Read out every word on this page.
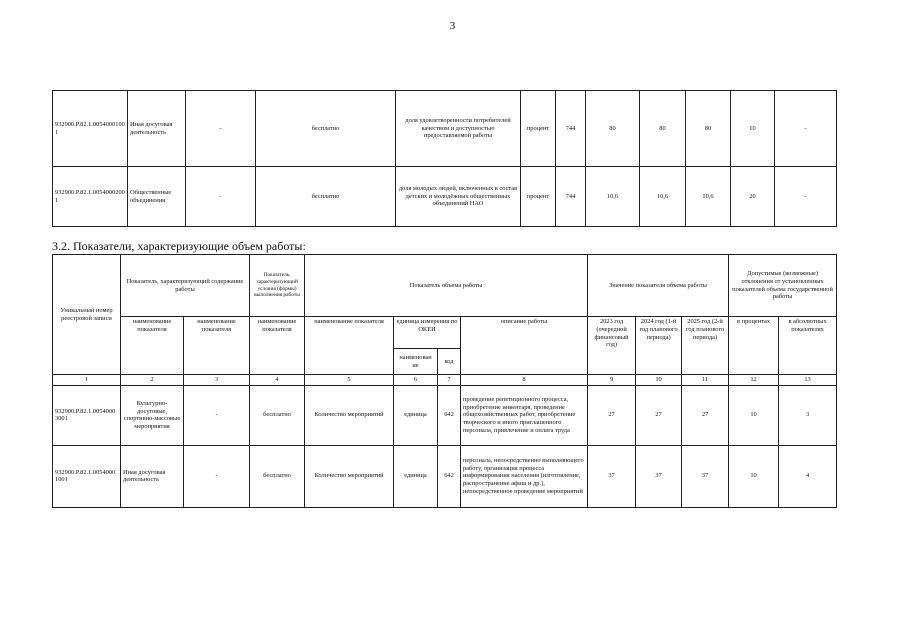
3
932900.Р.82.1.00540001001	Иная досуговая деятельность	-	бесплатно	доля удовлетворенности потребителей качеством и доступностью предоставляемой работы	процент	744	80	80	80	10	-
932900.Р.82.1.00540002001	Общественные объединения	-	бесплатно	доля молодых людей, включенных в состав детских и молодёжных общественных объединений НАО	процент	744	10,6	10,6	10,6	20	-
3.2. Показатели, характеризующие объем работы:
Уникальный номер реестровой записи	Показатель, характеризующий содержание работы		Показатель, характеризующий условия (формы) выполнения работы	Показатель объема работы				Значение показателя объема работы			Допустимые (возможные) отклонения от установленных показателей объема государственной работы	
	наименование показателя	наименование показателя	наименование показателя	наименование показателя	единица измерения по ОКЕИ		описание работы	2023 год (очередной финансовый год)	2024 год (1-й год планового периода)	2025 год (2-й год планового периода)	в процентах	в абсолютных показателях
					наименован ие	код						
1	2	3	4	5	6	7	8	9	10	11	12	13
932900.Р.82.1.00540003001	Культурно-досуговые, спортивно-массовые мероприятия	-	бесплатно	Количество мероприятий	единица	642	проведение репетиционного процесса, приобретение инвентаря, проведение общехозяйственных работ, приобретение творческого и иного приглашенного персонала, привлечение и оплата труда	27	27	27	10	3
932900.Р.82.1.00540001001	Иная досуговая деятельность	-	бесплатно	Количество мероприятий	единица	642	персонала, непосредственно выполняющего работу, организация процесса информирования населения (изготовление, распространение афиш и др.), непосредственное проведение мероприятий	37	37	37	10	4
